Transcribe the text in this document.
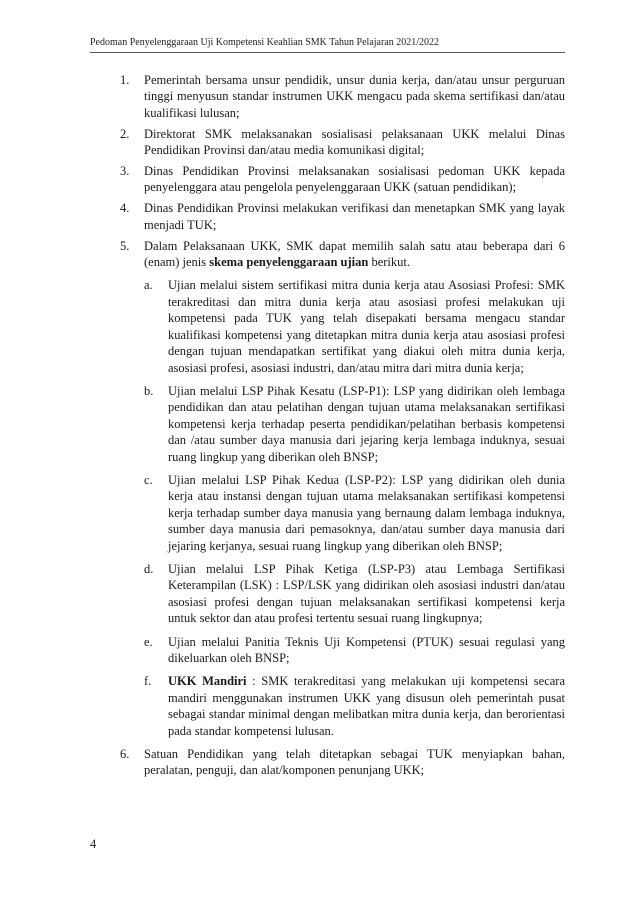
Pedoman Penyelenggaraan Uji Kompetensi Keahlian SMK Tahun Pelajaran 2021/2022
1. Pemerintah bersama unsur pendidik, unsur dunia kerja, dan/atau unsur perguruan tinggi menyusun standar instrumen UKK mengacu pada skema sertifikasi dan/atau kualifikasi lulusan;
2. Direktorat SMK melaksanakan sosialisasi pelaksanaan UKK melalui Dinas Pendidikan Provinsi dan/atau media komunikasi digital;
3. Dinas Pendidikan Provinsi melaksanakan sosialisasi pedoman UKK kepada penyelenggara atau pengelola penyelenggaraan UKK (satuan pendidikan);
4. Dinas Pendidikan Provinsi melakukan verifikasi dan menetapkan SMK yang layak menjadi TUK;
5. Dalam Pelaksanaan UKK, SMK dapat memilih salah satu atau beberapa dari 6 (enam) jenis skema penyelenggaraan ujian berikut.
a. Ujian melalui sistem sertifikasi mitra dunia kerja atau Asosiasi Profesi: SMK terakreditasi dan mitra dunia kerja atau asosiasi profesi melakukan uji kompetensi pada TUK yang telah disepakati bersama mengacu standar kualifikasi kompetensi yang ditetapkan mitra dunia kerja atau asosiasi profesi dengan tujuan mendapatkan sertifikat yang diakui oleh mitra dunia kerja, asosiasi profesi, asosiasi industri, dan/atau mitra dari mitra dunia kerja;
b. Ujian melalui LSP Pihak Kesatu (LSP-P1): LSP yang didirikan oleh lembaga pendidikan dan atau pelatihan dengan tujuan utama melaksanakan sertifikasi kompetensi kerja terhadap peserta pendidikan/pelatihan berbasis kompetensi dan /atau sumber daya manusia dari jejaring kerja lembaga induknya, sesuai ruang lingkup yang diberikan oleh BNSP;
c. Ujian melalui LSP Pihak Kedua (LSP-P2): LSP yang didirikan oleh dunia kerja atau instansi dengan tujuan utama melaksanakan sertifikasi kompetensi kerja terhadap sumber daya manusia yang bernaung dalam lembaga induknya, sumber daya manusia dari pemasoknya, dan/atau sumber daya manusia dari jejaring kerjanya, sesuai ruang lingkup yang diberikan oleh BNSP;
d. Ujian melalui LSP Pihak Ketiga (LSP-P3) atau Lembaga Sertifikasi Keterampilan (LSK) : LSP/LSK yang didirikan oleh asosiasi industri dan/atau asosiasi profesi dengan tujuan melaksanakan sertifikasi kompetensi kerja untuk sektor dan atau profesi tertentu sesuai ruang lingkupnya;
e. Ujian melalui Panitia Teknis Uji Kompetensi (PTUK) sesuai regulasi yang dikeluarkan oleh BNSP;
f. UKK Mandiri : SMK terakreditasi yang melakukan uji kompetensi secara mandiri menggunakan instrumen UKK yang disusun oleh pemerintah pusat sebagai standar minimal dengan melibatkan mitra dunia kerja, dan berorientasi pada standar kompetensi lulusan.
6. Satuan Pendidikan yang telah ditetapkan sebagai TUK menyiapkan bahan, peralatan, penguji, dan alat/komponen penunjang UKK;
4
